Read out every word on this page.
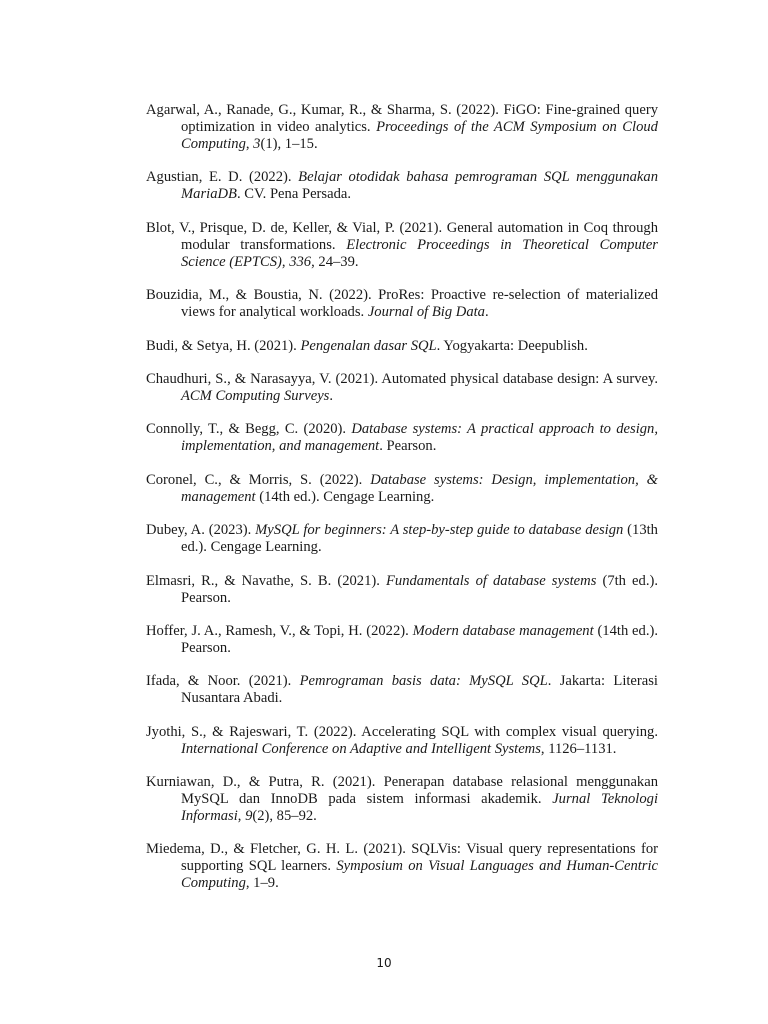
Agarwal, A., Ranade, G., Kumar, R., & Sharma, S. (2022). FiGO: Fine-grained query optimization in video analytics. Proceedings of the ACM Symposium on Cloud Computing, 3(1), 1–15.
Agustian, E. D. (2022). Belajar otodidak bahasa pemrograman SQL menggunakan MariaDB. CV. Pena Persada.
Blot, V., Prisque, D. de, Keller, & Vial, P. (2021). General automation in Coq through modular transformations. Electronic Proceedings in Theoretical Computer Science (EPTCS), 336, 24–39.
Bouzidia, M., & Boustia, N. (2022). ProRes: Proactive re-selection of materialized views for analytical workloads. Journal of Big Data.
Budi, & Setya, H. (2021). Pengenalan dasar SQL. Yogyakarta: Deepublish.
Chaudhuri, S., & Narasayya, V. (2021). Automated physical database design: A survey. ACM Computing Surveys.
Connolly, T., & Begg, C. (2020). Database systems: A practical approach to design, implementation, and management. Pearson.
Coronel, C., & Morris, S. (2022). Database systems: Design, implementation, & management (14th ed.). Cengage Learning.
Dubey, A. (2023). MySQL for beginners: A step-by-step guide to database design (13th ed.). Cengage Learning.
Elmasri, R., & Navathe, S. B. (2021). Fundamentals of database systems (7th ed.). Pearson.
Hoffer, J. A., Ramesh, V., & Topi, H. (2022). Modern database management (14th ed.). Pearson.
Ifada, & Noor. (2021). Pemrograman basis data: MySQL SQL. Jakarta: Literasi Nusantara Abadi.
Jyothi, S., & Rajeswari, T. (2022). Accelerating SQL with complex visual querying. International Conference on Adaptive and Intelligent Systems, 1126–1131.
Kurniawan, D., & Putra, R. (2021). Penerapan database relasional menggunakan MySQL dan InnoDB pada sistem informasi akademik. Jurnal Teknologi Informasi, 9(2), 85–92.
Miedema, D., & Fletcher, G. H. L. (2021). SQLVis: Visual query representations for supporting SQL learners. Symposium on Visual Languages and Human-Centric Computing, 1–9.
10
